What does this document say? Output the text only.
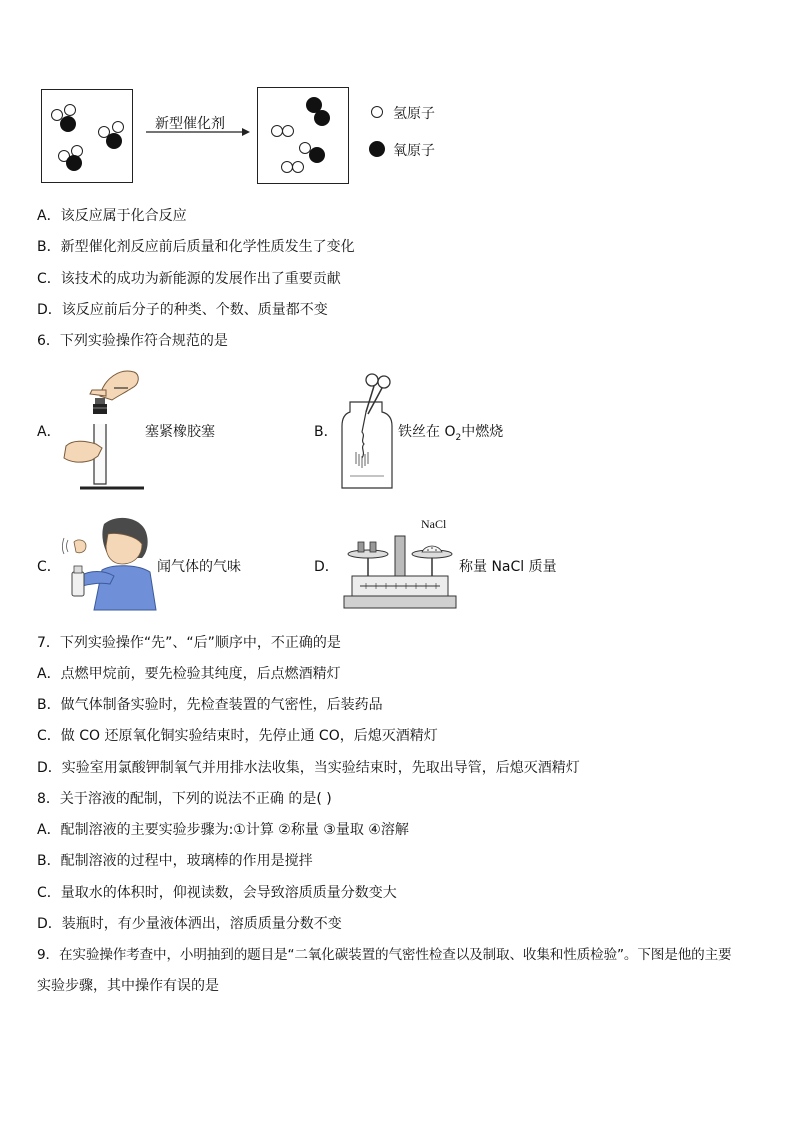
新型催化剂
氢原子
氧原子
A．该反应属于化合反应
B．新型催化剂反应前后质量和化学性质发生了变化
C．该技术的成功为新能源的发展作出了重要贡献
D．该反应前后分子的种类、个数、质量都不变
6．下列实验操作符合规范的是
A．	塞紧橡胶塞	B．	铁丝在 $O_2$中燃烧
C．	闻气体的气味	D．
NaCl
称量 NaCl 质量
7．下列实验操作“先”、“后”顺序中，不正确的是
A．点燃甲烷前，要先检验其纯度，后点燃酒精灯
B．做气体制备实验时，先检查装置的气密性，后装药品
C．做 CO 还原氧化铜实验结束时，先停止通 CO，后熄灭酒精灯
D．实验室用氯酸钾制氧气并用排水法收集，当实验结束时，先取出导管，后熄灭酒精灯
8．关于溶液的配制，下列的说法不正确 的是( )
A．配制溶液的主要实验步骤为:①计算 ②称量 ③量取 ④溶解
B．配制溶液的过程中，玻璃棒的作用是搅拌
C．量取水的体积时，仰视读数，会导致溶质质量分数变大
D．装瓶时，有少量液体洒出，溶质质量分数不变
9．在实验操作考查中，小明抽到的题目是“二氧化碳装置的气密性检查以及制取、收集和性质检验”。下图是他的主要
实验步骤，其中操作有误的是
